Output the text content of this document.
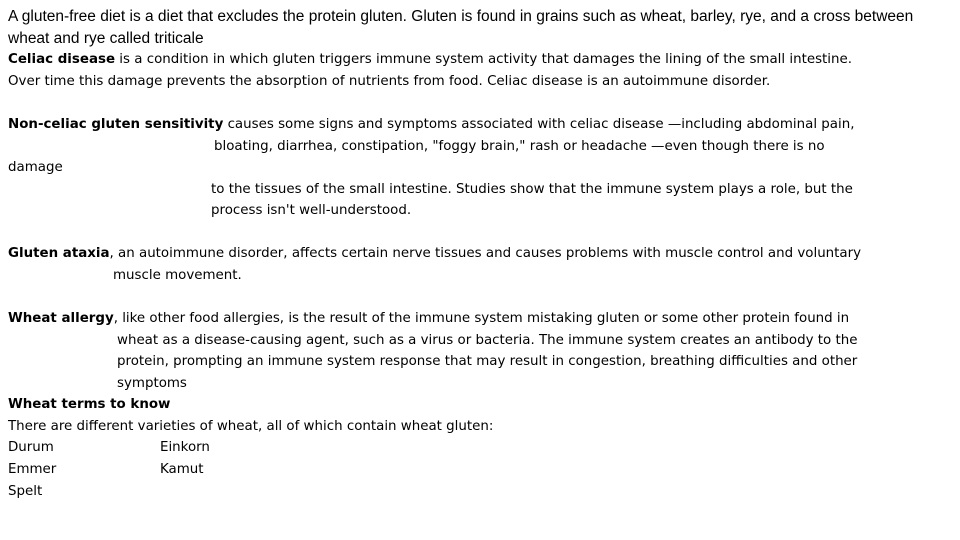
A gluten-free diet is a diet that excludes the protein gluten. Gluten is found in grains such as wheat, barley, rye, and a cross between wheat and rye called triticale

Celiac disease is a condition in which gluten triggers immune system activity that damages the lining of the small intestine.
Over time this damage prevents the absorption of nutrients from food. Celiac disease is an autoimmune disorder.
Non-celiac gluten sensitivity causes some signs and symptoms associated with celiac disease —including abdominal pain,
bloating, diarrhea, constipation, "foggy brain," rash or headache —even though there is no
damage
to the tissues of the small intestine. Studies show that the immune system plays a role, but the
process isn't well-understood.
Gluten ataxia, an autoimmune disorder, affects certain nerve tissues and causes problems with muscle control and voluntary
muscle movement.
Wheat allergy, like other food allergies, is the result of the immune system mistaking gluten or some other protein found in
wheat as a disease-causing agent, such as a virus or bacteria. The immune system creates an antibody to the
protein, prompting an immune system response that may result in congestion, breathing difficulties and other
symptoms
Wheat terms to know
There are different varieties of wheat, all of which contain wheat gluten:
Durum	Einkorn
Emmer	Kamut
Spelt
